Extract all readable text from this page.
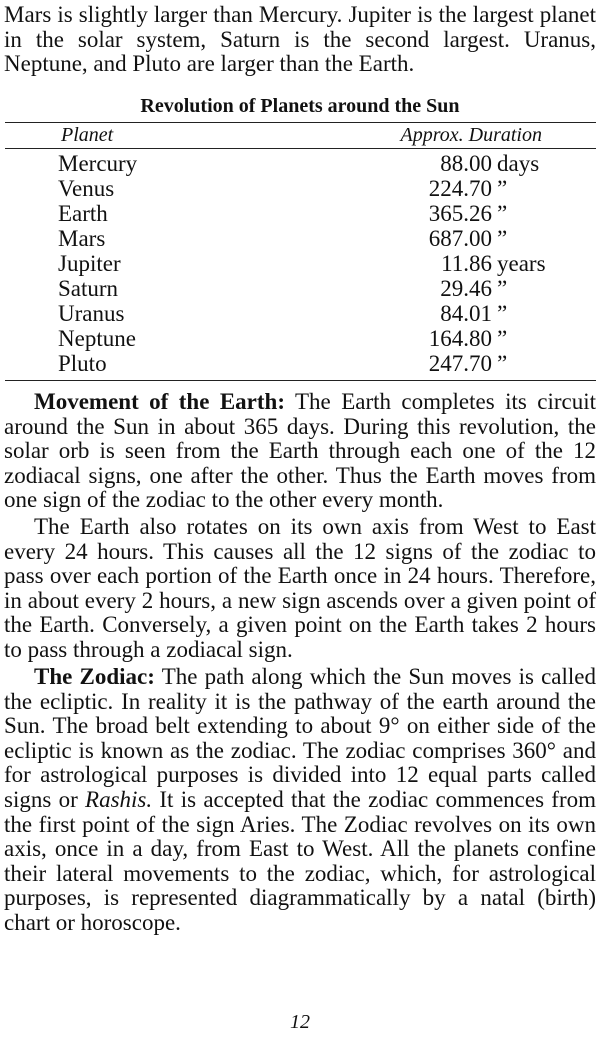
Mars is slightly larger than Mercury. Jupiter is the largest planet in the solar system, Saturn is the second largest. Uranus, Neptune, and Pluto are larger than the Earth.

Revolution of Planets around the Sun
Planet	Approx. Duration
Mercury	88.00 days
Venus	224.70 ”
Earth	365.26 ”
Mars	687.00 ”
Jupiter	11.86 years
Saturn	29.46 ”
Uranus	84.01 ”
Neptune	164.80 ”
Pluto	247.70 ”

Movement of the Earth: The Earth completes its circuit around the Sun in about 365 days. During this revolution, the solar orb is seen from the Earth through each one of the 12 zodiacal signs, one after the other. Thus the Earth moves from one sign of the zodiac to the other every month.

The Earth also rotates on its own axis from West to East every 24 hours. This causes all the 12 signs of the zodiac to pass over each portion of the Earth once in 24 hours. Therefore, in about every 2 hours, a new sign ascends over a given point of the Earth. Conversely, a given point on the Earth takes 2 hours to pass through a zodiacal sign.

The Zodiac: The path along which the Sun moves is called the ecliptic. In reality it is the pathway of the earth around the Sun. The broad belt extending to about 9° on either side of the ecliptic is known as the zodiac. The zodiac comprises 360° and for astrological purposes is divided into 12 equal parts called signs or Rashis. It is accepted that the zodiac commences from the first point of the sign Aries. The Zodiac revolves on its own axis, once in a day, from East to West. All the planets confine their lateral movements to the zodiac, which, for astrological purposes, is represented diagrammatically by a natal (birth) chart or horoscope.

12
